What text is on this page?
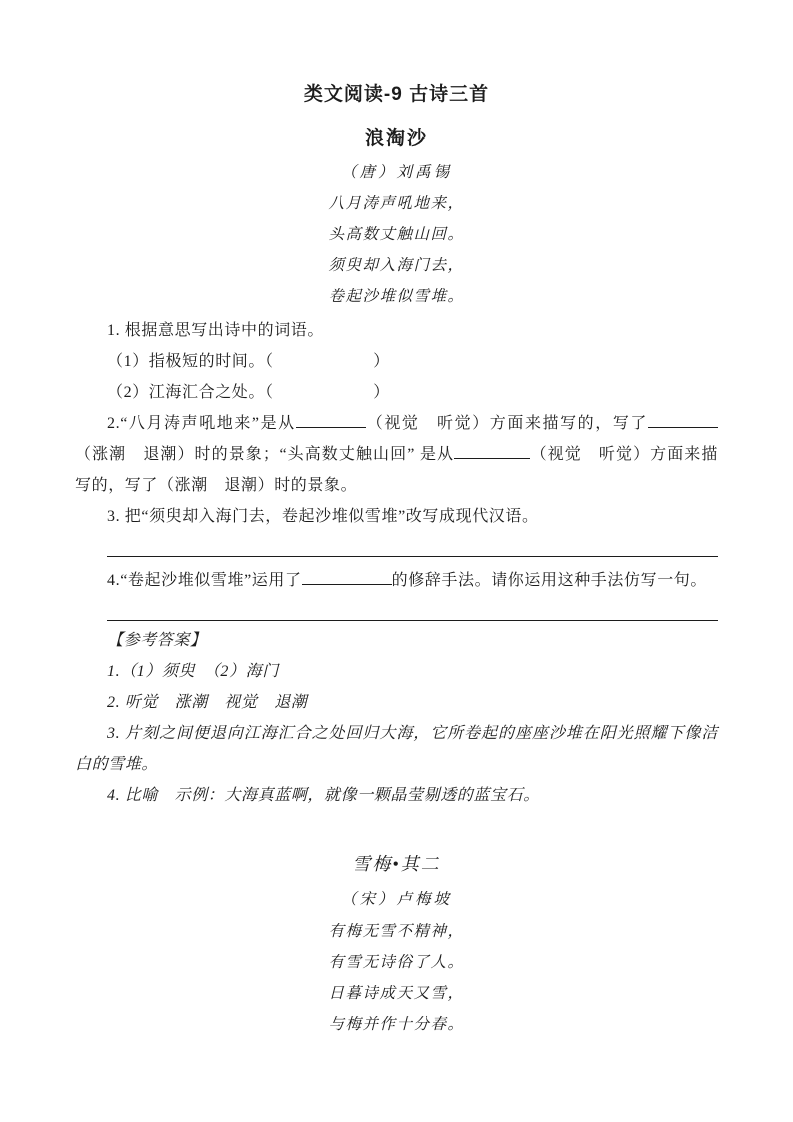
类文阅读-9 古诗三首
浪淘沙
（唐）刘禹锡
八月涛声吼地来，
头高数丈触山回。
须臾却入海门去，
卷起沙堆似雪堆。

1. 根据意思写出诗中的词语。

（1）指极短的时间。（　　　　　　）

（2）江海汇合之处。（　　　　　　）

2.“八月涛声吼地来”是从	（视觉　听觉）方面来描写的，写了（涨潮　退潮）时的景象；“头高数丈触山回” 是从	（视觉　听觉）方面来描写的，写了（涨潮　退潮）时的景象。

3. 把“须臾却入海门去，卷起沙堆似雪堆”改写成现代汉语。

4.“卷起沙堆似雪堆”运用了	的修辞手法。请你运用这种手法仿写一句。

【参考答案】

1.（1）须臾　（2）海门

2. 听觉　涨潮　视觉　退潮

3. 片刻之间便退向江海汇合之处回归大海，它所卷起的座座沙堆在阳光照耀下像洁白的雪堆。

4. 比喻　示例：大海真蓝啊，就像一颗晶莹剔透的蓝宝石。

雪梅•其二
（宋）卢梅坡
有梅无雪不精神，
有雪无诗俗了人。
日暮诗成天又雪，
与梅并作十分春。
